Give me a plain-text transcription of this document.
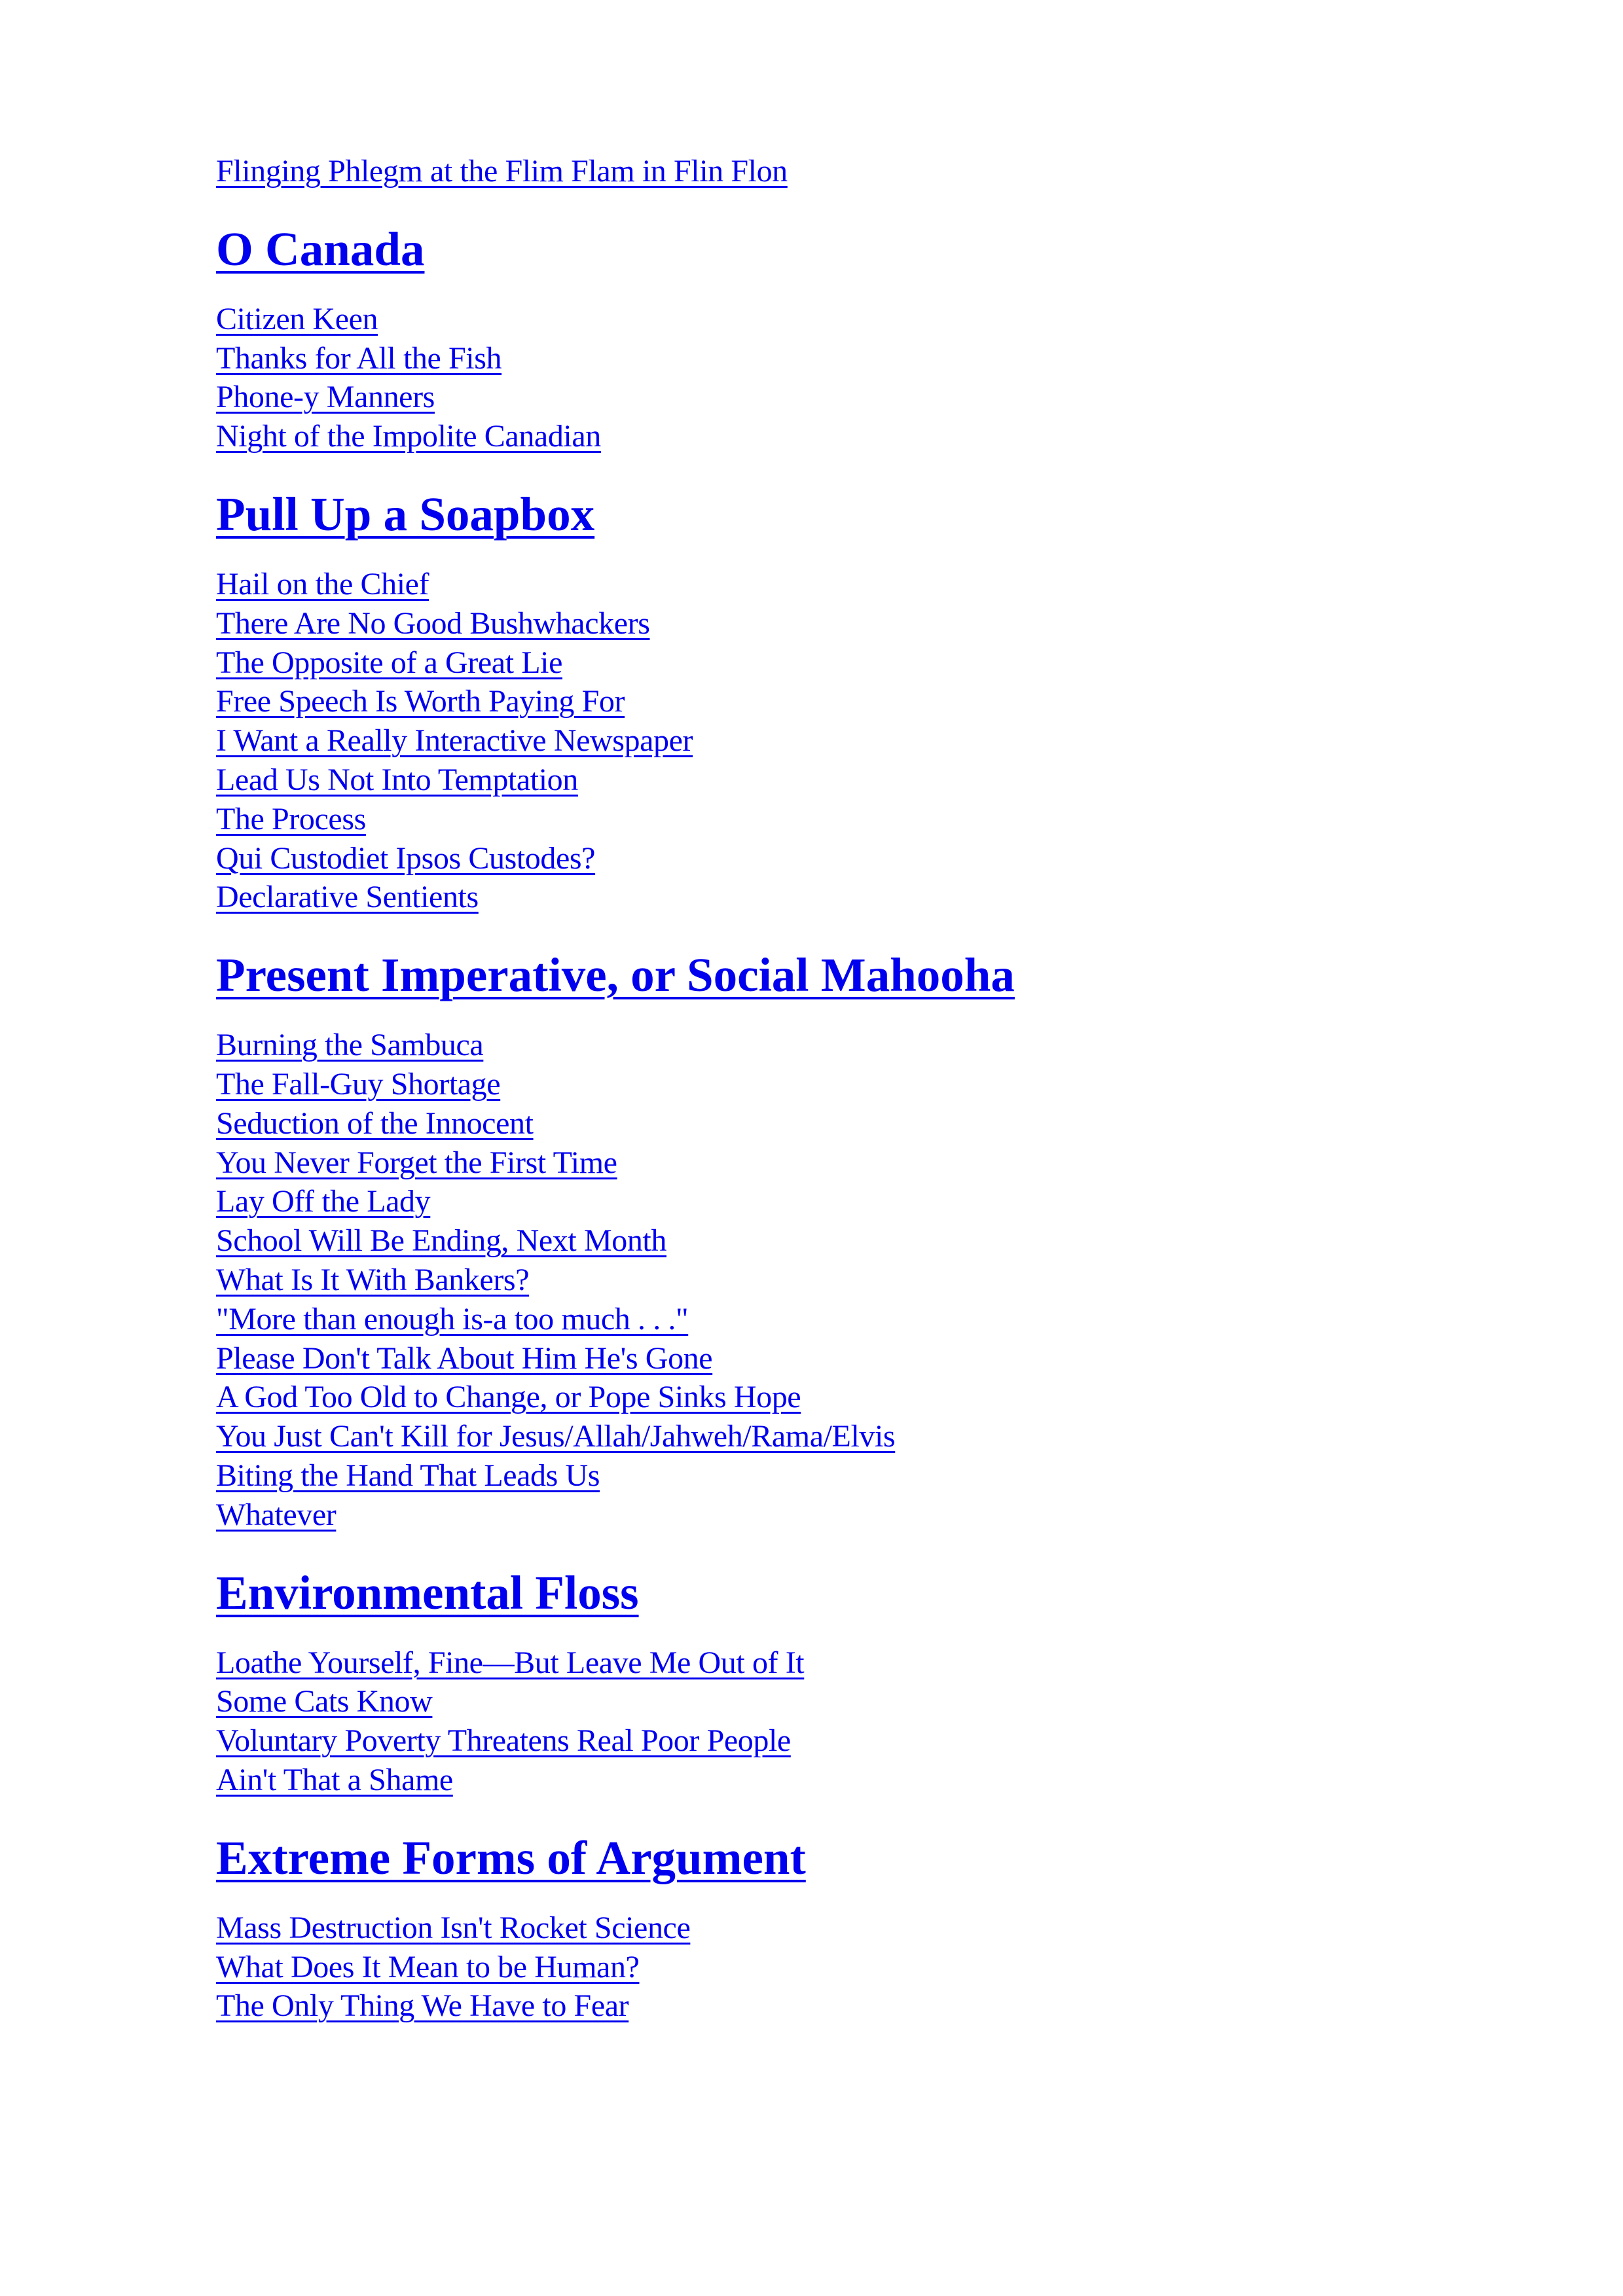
Flinging Phlegm at the Flim Flam in Flin Flon
O Canada
Citizen Keen
Thanks for All the Fish
Phone-y Manners
Night of the Impolite Canadian
Pull Up a Soapbox
Hail on the Chief
There Are No Good Bushwhackers
The Opposite of a Great Lie
Free Speech Is Worth Paying For
I Want a Really Interactive Newspaper
Lead Us Not Into Temptation
The Process
Qui Custodiet Ipsos Custodes?
Declarative Sentients
Present Imperative, or Social Mahooha
Burning the Sambuca
The Fall-Guy Shortage
Seduction of the Innocent
You Never Forget the First Time
Lay Off the Lady
School Will Be Ending, Next Month
What Is It With Bankers?
"More than enough is-a too much . . ."
Please Don't Talk About Him He's Gone
A God Too Old to Change, or Pope Sinks Hope
You Just Can't Kill for Jesus/Allah/Jahweh/Rama/Elvis
Biting the Hand That Leads Us
Whatever
Environmental Floss
Loathe Yourself, Fine—But Leave Me Out of It
Some Cats Know
Voluntary Poverty Threatens Real Poor People
Ain't That a Shame
Extreme Forms of Argument
Mass Destruction Isn't Rocket Science
What Does It Mean to be Human?
The Only Thing We Have to Fear
